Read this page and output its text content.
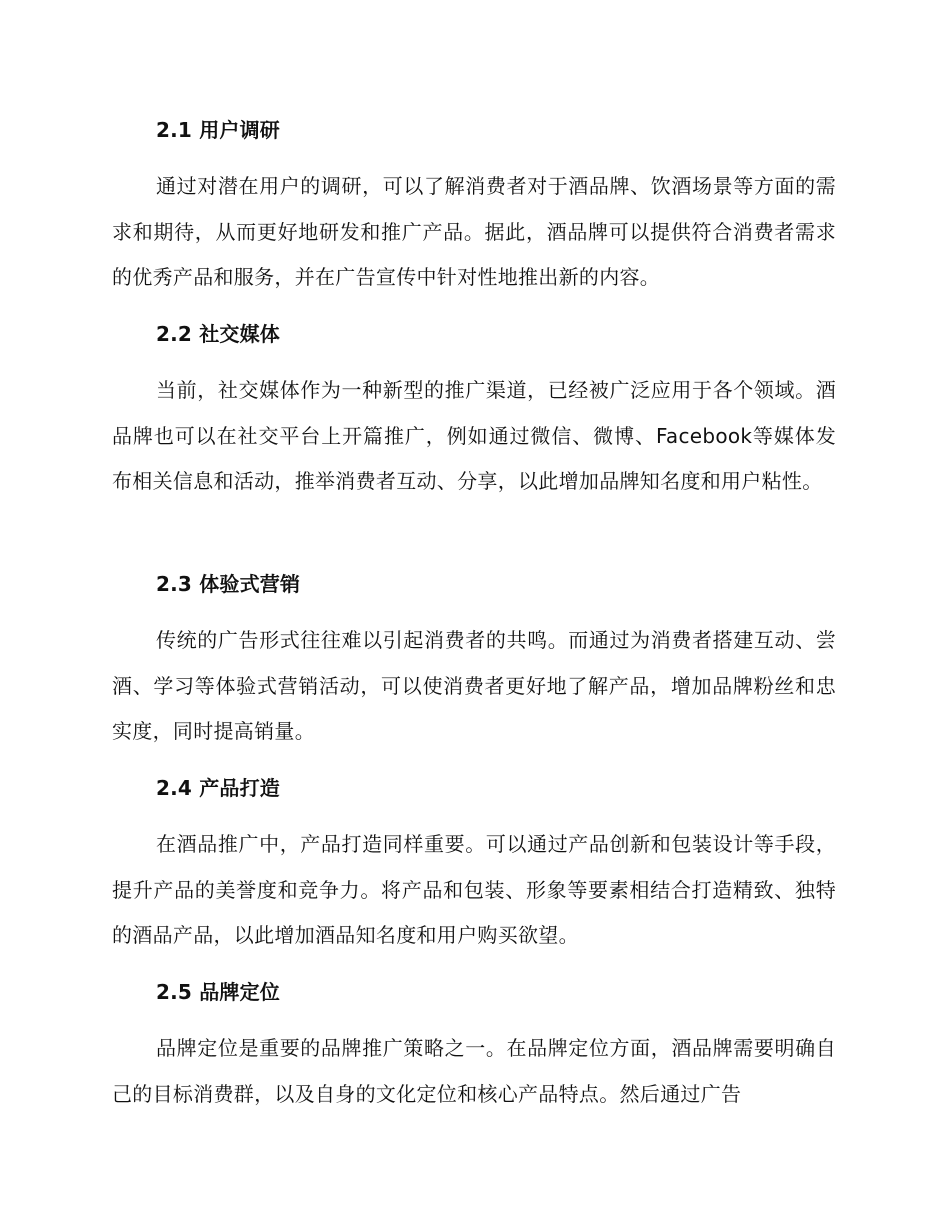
2.1 用户调研

通过对潜在用户的调研，可以了解消费者对于酒品牌、饮酒场景等方面的需求和期待，从而更好地研发和推广产品。据此，酒品牌可以提供符合消费者需求的优秀产品和服务，并在广告宣传中针对性地推出新的内容。

2.2 社交媒体

当前，社交媒体作为一种新型的推广渠道，已经被广泛应用于各个领域。酒品牌也可以在社交平台上开篇推广，例如通过微信、微博、Facebook等媒体发布相关信息和活动，推举消费者互动、分享，以此增加品牌知名度和用户粘性。

2.3 体验式营销

传统的广告形式往往难以引起消费者的共鸣。而通过为消费者搭建互动、尝酒、学习等体验式营销活动，可以使消费者更好地了解产品，增加品牌粉丝和忠实度，同时提高销量。

2.4 产品打造

在酒品推广中，产品打造同样重要。可以通过产品创新和包装设计等手段，提升产品的美誉度和竞争力。将产品和包装、形象等要素相结合打造精致、独特的酒品产品，以此增加酒品知名度和用户购买欲望。

2.5 品牌定位

品牌定位是重要的品牌推广策略之一。在品牌定位方面，酒品牌需要明确自己的目标消费群，以及自身的文化定位和核心产品特点。然后通过广告
